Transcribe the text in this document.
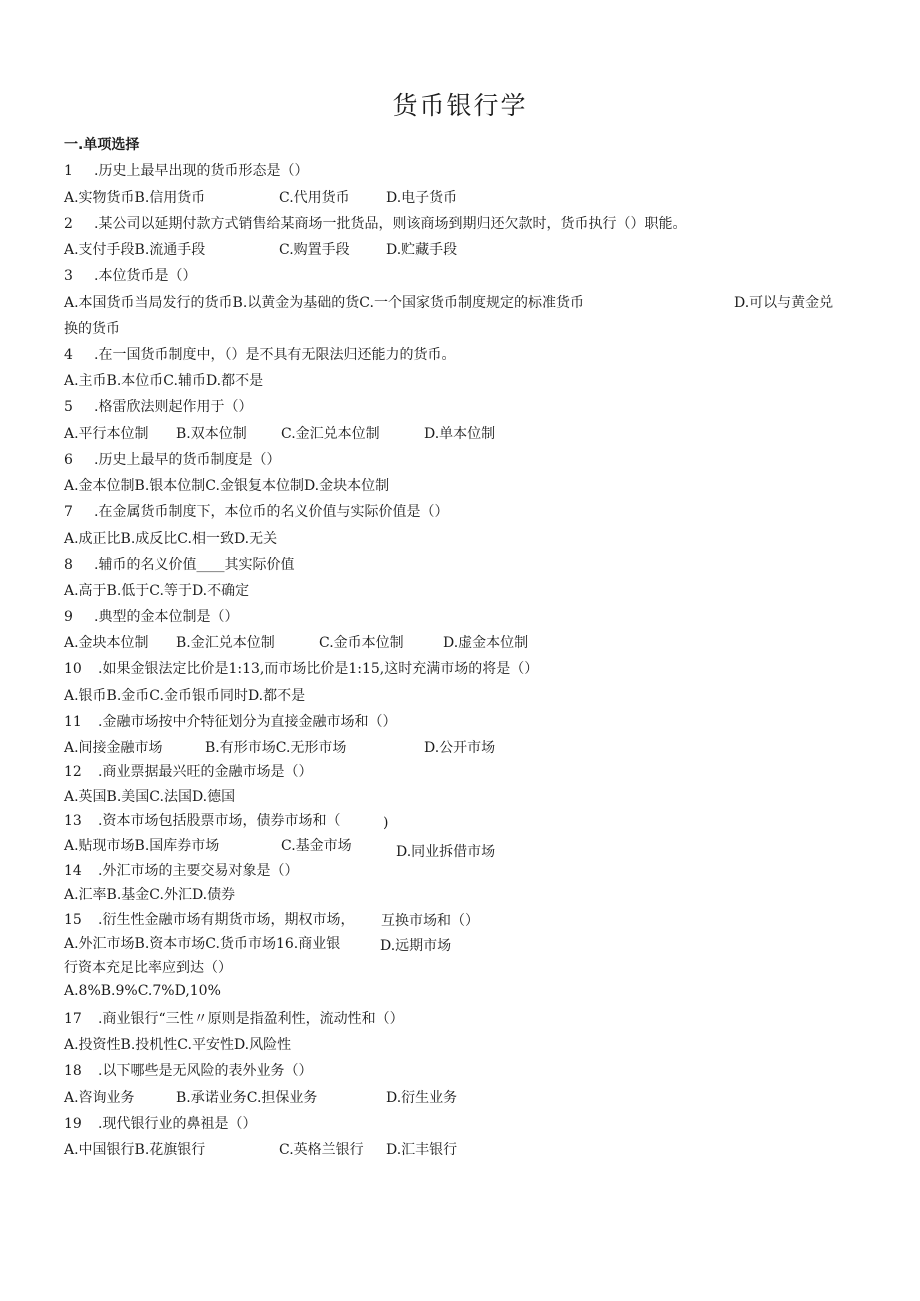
货币银行学
一.单项选择
1 .历史上最早出现的货币形态是（）
A.实物货币B.信用货币	C.代用货币	D.电子货币
2 .某公司以延期付款方式销售给某商场一批货品，则该商场到期归还欠款时，货币执行（）职能。
A.支付手段B.流通手段	C.购置手段	D.贮藏手段
3 .本位货币是（）
A.本国货币当局发行的货币B.以黄金为基础的货C.一个国家货币制度规定的标准货币	D.可以与黄金兑
换的货币
4 .在一国货币制度中，（）是不具有无限法归还能力的货币。
A.主币B.本位币C.辅币D.都不是
5 .格雷欣法则起作用于（）
A.平行本位制 B.双本位制 C.金汇兑本位制	D.单本位制
6 .历史上最早的货币制度是（）
A.金本位制B.银本位制C.金银复本位制D.金块本位制
7 .在金属货币制度下，本位币的名义价值与实际价值是（）
A.成正比B.成反比C.相一致D.无关
8 .辅币的名义价值____其实际价值
A.高于B.低于C.等于D.不确定
9 .典型的金本位制是（）
A.金块本位制 B.金汇兑本位制	C.金币本位制	D.虚金本位制
10 .如果金银法定比价是1:13,而市场比价是1:15,这时充满市场的将是（）
A.银币B.金币C.金币银币同时D.都不是
11 .金融市场按中介特征划分为直接金融市场和（）
A.间接金融市场	B.有形市场C.无形市场	D.公开市场
12 .商业票据最兴旺的金融市场是（）
A.英国B.美国C.法国D.德国
13 .资本市场包括股票市场，债券市场和（	)
A.贴现市场B.国库券市场	C.基金市场	D.同业拆借市场
14 .外汇市场的主要交易对象是（）
A.汇率B.基金C.外汇D.债券
15 .衍生性金融市场有期货市场，期权市场， 互换市场和（）
A.外汇市场B.资本市场C.货币市场16.商业银	D.远期市场
行资本充足比率应到达（）
A.8%B.9%C.7%D,10%
17 .商业银行“三性〃原则是指盈利性，流动性和（）
A.投资性B.投机性C.平安性D.风险性
18 .以下哪些是无风险的表外业务（）
A.咨询业务	B.承诺业务C.担保业务	D.衍生业务
19 .现代银行业的鼻祖是（）
A.中国银行B.花旗银行	C.英格兰银行 D.汇丰银行
